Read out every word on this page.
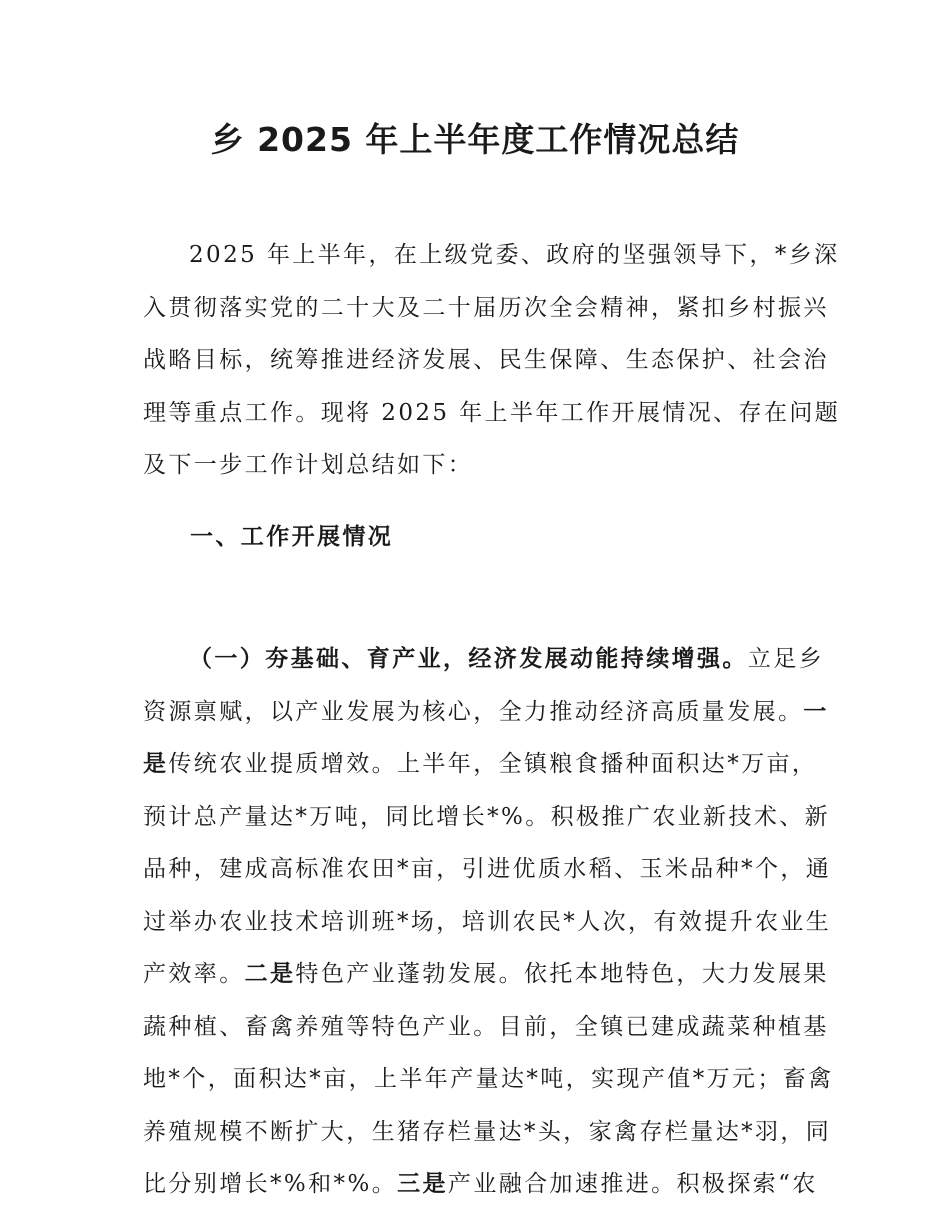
乡 2025 年上半年度工作情况总结
2025 年上半年，在上级党委、政府的坚强领导下，*乡深
入贯彻落实党的二十大及二十届历次全会精神，紧扣乡村振兴
战略目标，统筹推进经济发展、民生保障、生态保护、社会治
理等重点工作。现将 2025 年上半年工作开展情况、存在问题
及下一步工作计划总结如下：
一、工作开展情况
（一）夯基础、育产业，经济发展动能持续增强。立足乡
资源禀赋，以产业发展为核心，全力推动经济高质量发展。一
是传统农业提质增效。上半年，全镇粮食播种面积达*万亩，
预计总产量达*万吨，同比增长*%。积极推广农业新技术、新
品种，建成高标准农田*亩，引进优质水稻、玉米品种*个，通
过举办农业技术培训班*场，培训农民*人次，有效提升农业生
产效率。二是特色产业蓬勃发展。依托本地特色，大力发展果
蔬种植、畜禽养殖等特色产业。目前，全镇已建成蔬菜种植基
地*个，面积达*亩，上半年产量达*吨，实现产值*万元；畜禽
养殖规模不断扩大，生猪存栏量达*头，家禽存栏量达*羽，同
比分别增长*%和*%。三是产业融合加速推进。积极探索“农
